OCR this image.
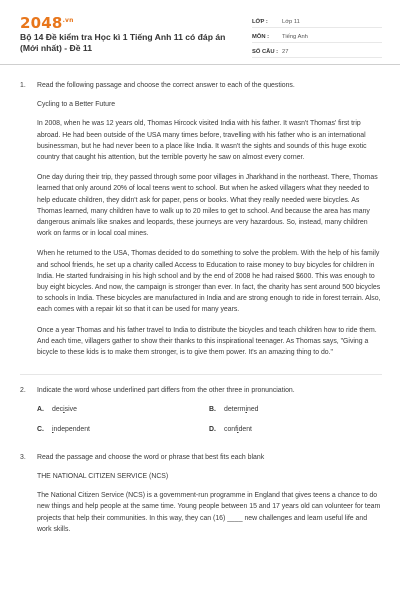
$2048^{.vn}$
Bộ 14 Đề kiểm tra Học kì 1 Tiếng Anh 11 có đáp án (Mới nhất) - Đề 11
LỚP :	Lớp 11
MÔN :	Tiếng Anh
SỐ CÂU : 27
1.	Read the following passage and choose the correct answer to each of the questions.
Cycling to a Better Future
In 2008, when he was 12 years old, Thomas Hircock visited India with his father. It wasn't Thomas' first trip abroad. He had been outside of the USA many times before, travelling with his father who is an international businessman, but he had never been to a place like India. It wasn't the sights and sounds of this huge exotic country that caught his attention, but the terrible poverty he saw on almost every corner.
One day during their trip, they passed through some poor villages in Jharkhand in the northeast. There, Thomas learned that only around 20% of local teens went to school. But when he asked villagers what they needed to help educate children, they didn't ask for paper, pens or books. What they really needed were bicycles. As Thomas learned, many children have to walk up to 20 miles to get to school. And because the area has many dangerous animals like snakes and leopards, these journeys are very hazardous. So, instead, many children work on farms or in local coal mines.
When he returned to the USA, Thomas decided to do something to solve the problem. With the help of his family and school friends, he set up a charity called Access to Education to raise money to buy bicycles for children in India. He started fundraising in his high school and by the end of 2008 he had raised $600. This was enough to buy eight bicycles. And now, the campaign is stronger than ever. In fact, the charity has sent around 500 bicycles to schools in India. These bicycles are manufactured in India and are strong enough to ride in forest terrain. Also, each comes with a repair kit so that it can be used for many years.
Once a year Thomas and his father travel to India to distribute the bicycles and teach children how to ride them. And each time, villagers gather to show their thanks to this inspirational teenager. As Thomas says, "Giving a bicycle to these kids is to make them stronger, is to give them power. It's an amazing thing to do."
2.	Indicate the word whose underlined part differs from the other three in pronunciation.
A.	decisive	B.	determined
C.	independent	D.	confident
3.	Read the passage and choose the word or phrase that best fits each blank
THE NATIONAL CITIZEN SERVICE (NCS)
The National Citizen Service (NCS) is a government-run programme in England that gives teens a chance to do new things and help people at the same time. Young people between 15 and 17 years old can volunteer for team projects that help their communities. In this way, they can (16) ____ new challenges and learn useful life and work skills.
